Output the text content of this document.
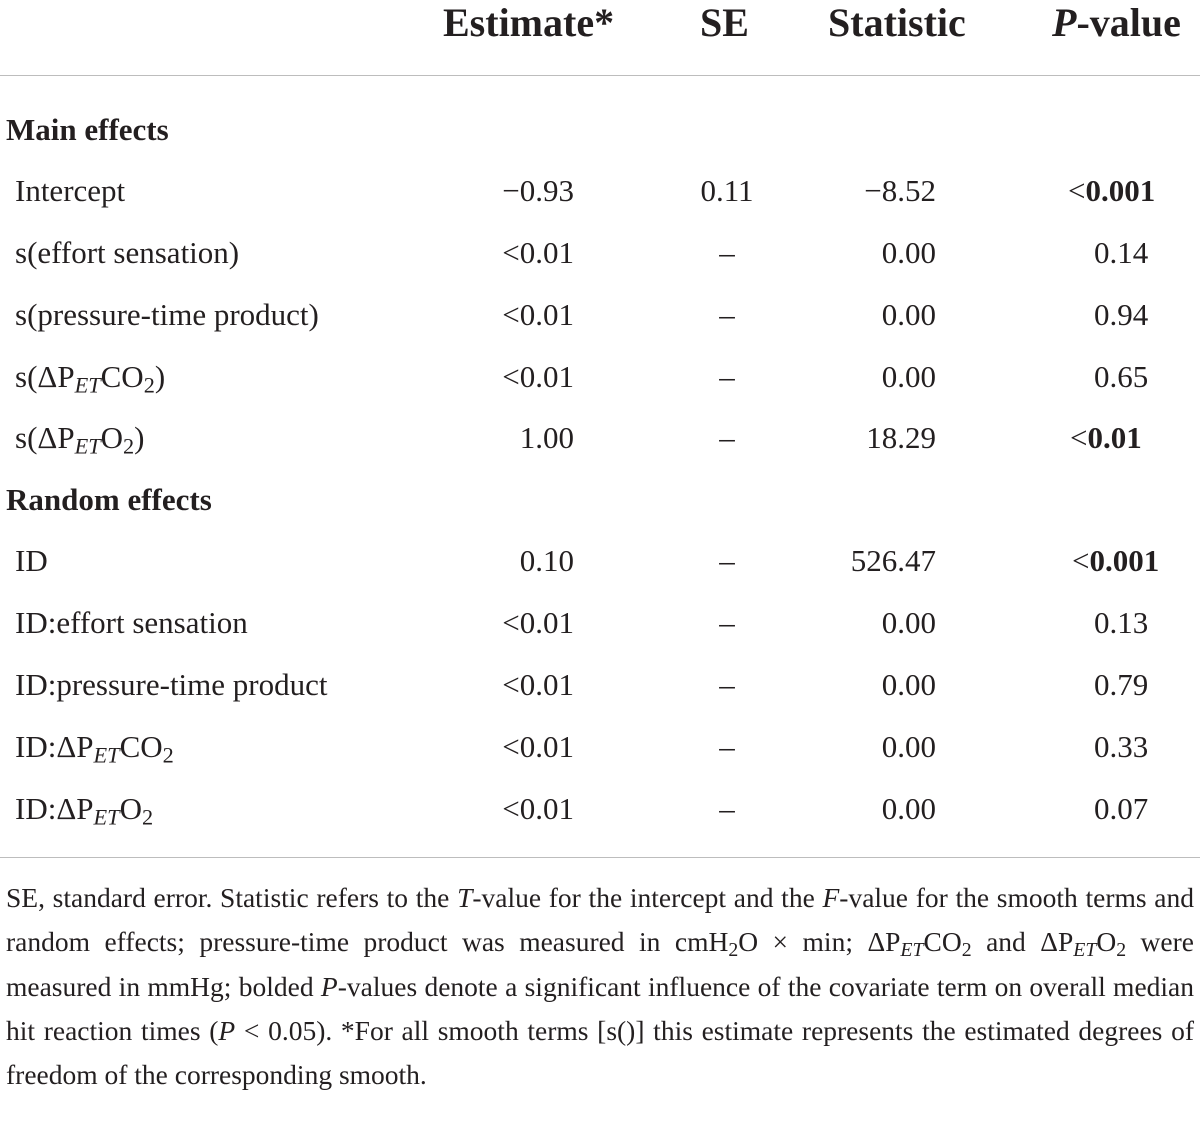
Estimate* SE Statistic P-value
Main effects
Random effects
Intercept
s(effort sensation)
s(pressure-time product)
$s(\Delta P_{ET}CO_2)$
$s(\Delta P_{ET}O_2)$
ID
ID:effort sensation
ID:pressure-time product
$ID:\Delta P_{ET}CO_2$
$ID:\Delta P_{ET}O_2$
−0.93
<0.01
<0.01
<0.01
1.00
0.10
<0.01
<0.01
<0.01
<0.01
0.11
–
–
–
–
–
–
–
–
–
−8.52
0.00
0.00
0.00
18.29
526.47
0.00
0.00
0.00
0.00
<0.001
0.14
0.94
0.65
<0.01
<0.001
0.13
0.79
0.33
0.07
SE, standard error. Statistic refers to the T-value for the intercept and the F-value for the smooth terms and random effects; pressure-time product was measured in cmH$_2$O × min; $\Delta P_{ET}CO_2$ and $\Delta P_{ET}O_2$ were measured in mmHg; bolded P-values denote a significant influence of the covariate term on overall median hit reaction times (P < 0.05). *For all smooth terms [s()] this estimate represents the estimated degrees of freedom of the corresponding smooth.
